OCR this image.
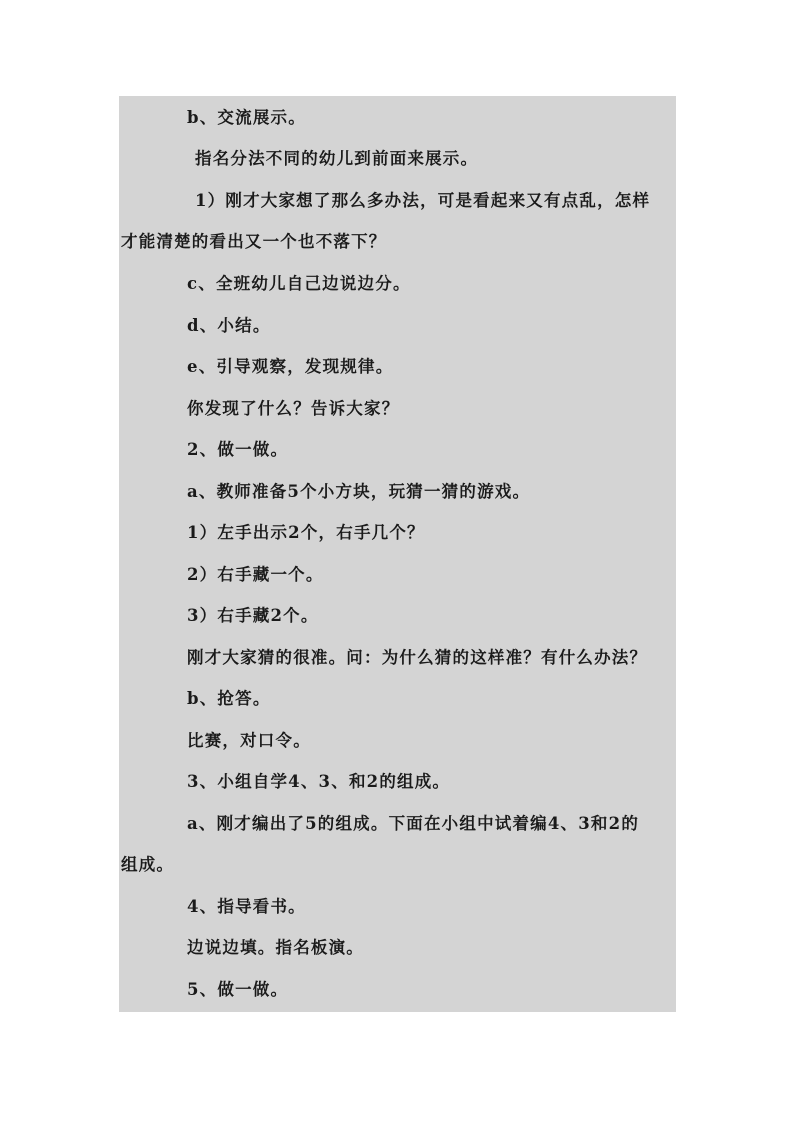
b、交流展示。

指名分法不同的幼儿到前面来展示。

1）刚才大家想了那么多办法，可是看起来又有点乱，怎样

才能清楚的看出又一个也不落下？

c、全班幼儿自己边说边分。

d、小结。

e、引导观察，发现规律。

你发现了什么？告诉大家？

2、做一做。

a、教师准备5个小方块，玩猜一猜的游戏。

1）左手出示2个，右手几个？

2）右手藏一个。

3）右手藏2个。

刚才大家猜的很准。问：为什么猜的这样准？有什么办法？

b、抢答。

比赛，对口令。

3、小组自学4、3、和2的组成。

a、刚才编出了5的组成。下面在小组中试着编4、3和2的

组成。

4、指导看书。

边说边填。指名板演。

5、做一做。
